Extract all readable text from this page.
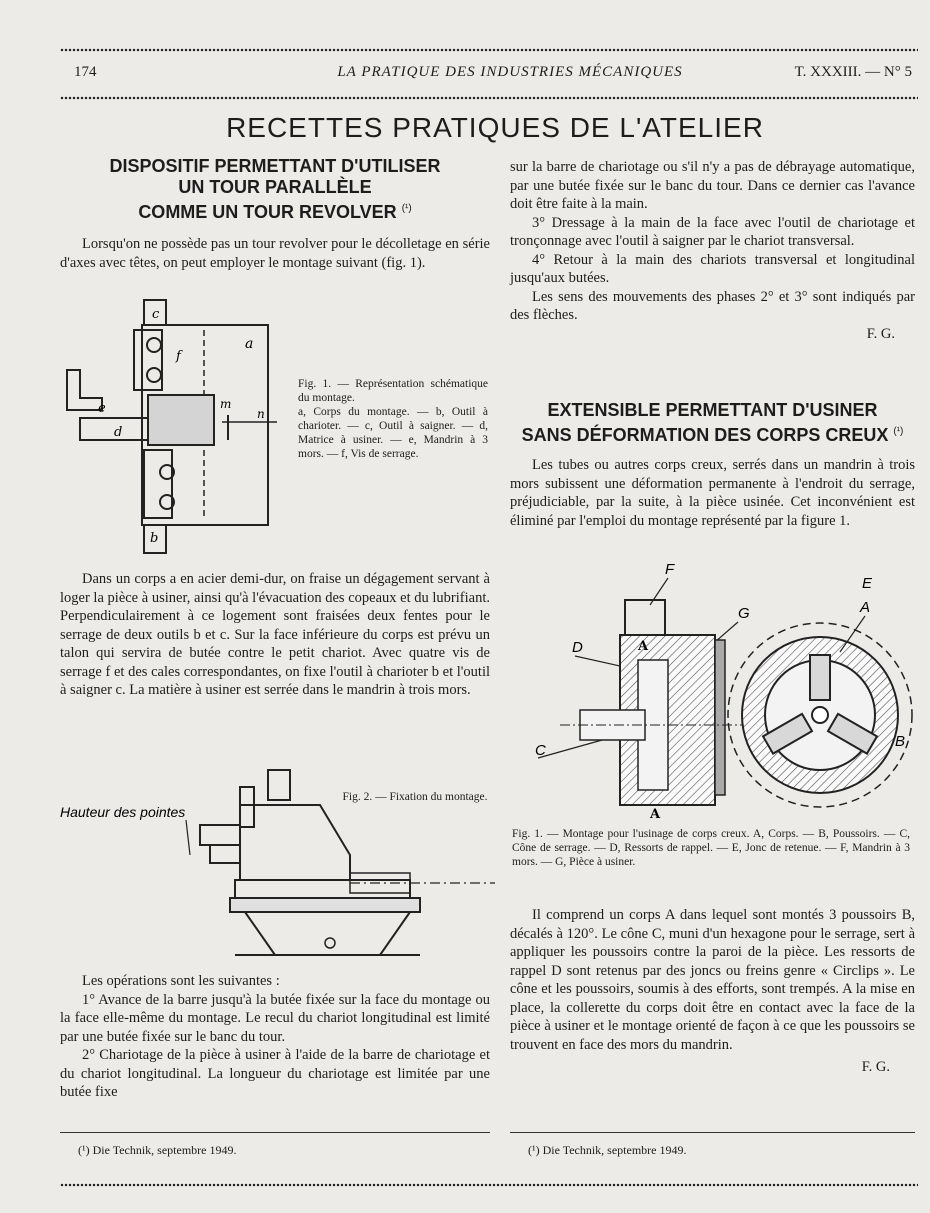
174	LA PRATIQUE DES INDUSTRIES MÉCANIQUES	T. XXXIII. — N° 5
RECETTES PRATIQUES DE L'ATELIER
DISPOSITIF PERMETTANT D'UTILISER
UN TOUR PARALLÈLE
COMME UN TOUR REVOLVER $^{(^1)}$

Lorsqu'on ne possède pas un tour revolver pour le décolletage en série d'axes avec têtes, on peut employer le montage suivant (fig. 1).

c
a
f
e
d
m
n
b
Fig. 1. — Représentation schématique du montage.
a, Corps du montage. — b, Outil à charioter. — c, Outil à saigner. — d, Matrice à usiner. — e, Mandrin à 3 mors. — f, Vis de serrage.

Dans un corps a en acier demi-dur, on fraise un dégagement servant à loger la pièce à usiner, ainsi qu'à l'évacuation des copeaux et du lubrifiant. Perpendiculairement à ce logement sont fraisées deux fentes pour le serrage de deux outils b et c. Sur la face inférieure du corps est prévu un talon qui servira de butée contre le petit chariot. Avec quatre vis de serrage f et des cales correspondantes, on fixe l'outil à charioter b et l'outil à saigner c. La matière à usiner est serrée dans le mandrin à trois mors.

Hauteur des pointes
Fig. 2. — Fixation du montage.

Les opérations sont les suivantes :

1° Avance de la barre jusqu'à la butée fixée sur la face du montage ou la face elle-même du montage. Le recul du chariot longitudinal est limité par une butée fixée sur le banc du tour.

2° Chariotage de la pièce à usiner à l'aide de la barre de chariotage et du chariot longitudinal. La longueur du chariotage est limitée par une butée fixe

(¹) Die Technik, septembre 1949.

sur la barre de chariotage ou s'il n'y a pas de débrayage automatique, par une butée fixée sur le banc du tour. Dans ce dernier cas l'avance doit être faite à la main.

3° Dressage à la main de la face avec l'outil de chariotage et tronçonnage avec l'outil à saigner par le chariot transversal.

4° Retour à la main des chariots transversal et longitudinal jusqu'aux butées.

Les sens des mouvements des phases 2° et 3° sont indiqués par des flèches.

F. G.
EXTENSIBLE PERMETTANT D'USINER
SANS DÉFORMATION DES CORPS CREUX $^{(^1)}$

Les tubes ou autres corps creux, serrés dans un mandrin à trois mors subissent une déformation permanente à l'endroit du serrage, préjudiciable, par la suite, à la pièce usinée. Cet inconvénient est éliminé par l'emploi du montage représenté par la figure 1.

F
G
D
C
A
A
E
A
B
Fig. 1. — Montage pour l'usinage de corps creux. A, Corps. — B, Poussoirs. — C, Cône de serrage. — D, Ressorts de rappel. — E, Jonc de retenue. — F, Mandrin à 3 mors. — G, Pièce à usiner.

Il comprend un corps A dans lequel sont montés 3 poussoirs B, décalés à 120°. Le cône C, muni d'un hexagone pour le serrage, sert à appliquer les poussoirs contre la paroi de la pièce. Les ressorts de rappel D sont retenus par des joncs ou freins genre « Circlips ». Le cône et les poussoirs, soumis à des efforts, sont trempés. A la mise en place, la collerette du corps doit être en contact avec la face de la pièce à usiner et le montage orienté de façon à ce que les poussoirs se trouvent en face des mors du mandrin.

F. G.
(¹) Die Technik, septembre 1949.
